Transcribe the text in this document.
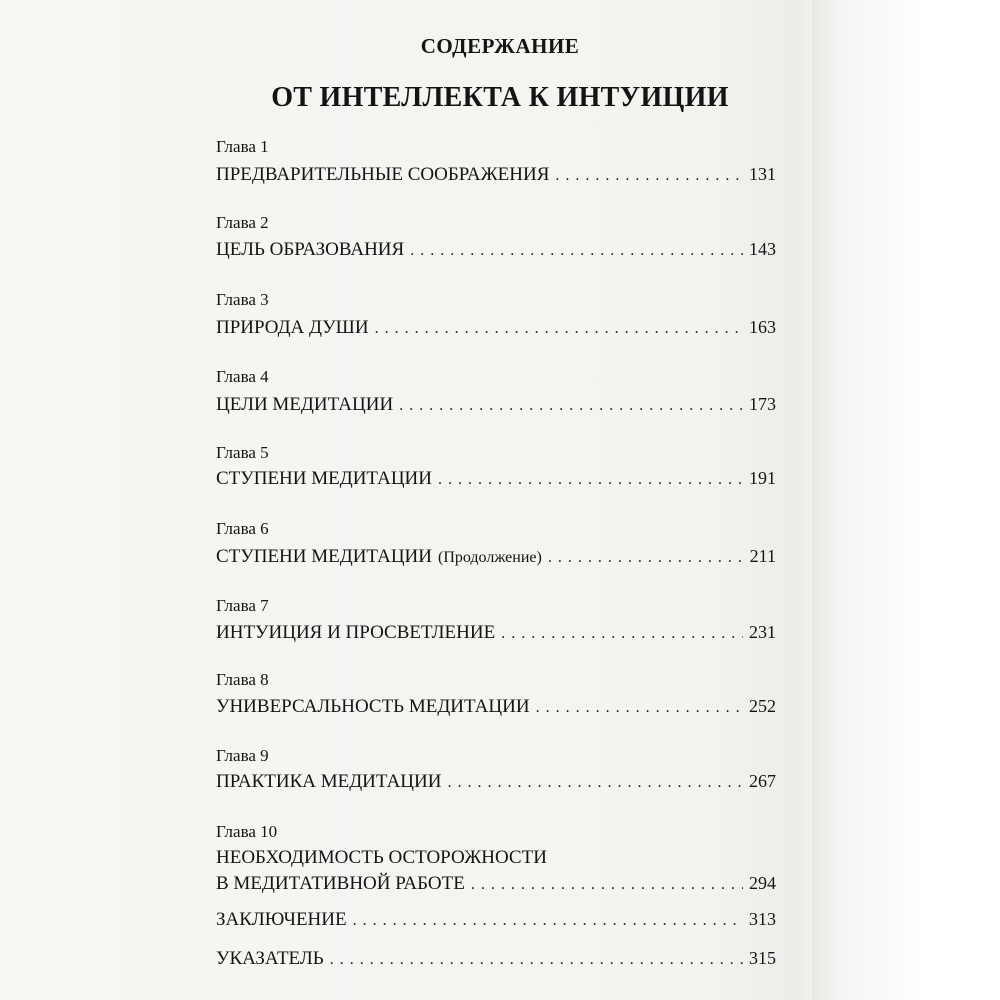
СОДЕРЖАНИЕ
ОТ ИНТЕЛЛЕКТА К ИНТУИЦИИ
Глава 1
ПРЕДВАРИТЕЛЬНЫЕ СООБРАЖЕНИЯ . . .	131
Глава 2
ЦЕЛЬ ОБРАЗОВАНИЯ . . .	143
Глава 3
ПРИРОДА ДУШИ . . .	163
Глава 4
ЦЕЛИ МЕДИТАЦИИ . . .	173
Глава 5
СТУПЕНИ МЕДИТАЦИИ . . .	191
Глава 6
СТУПЕНИ МЕДИТАЦИИ (Продолжение) . . .	211
Глава 7
ИНТУИЦИЯ И ПРОСВЕТЛЕНИЕ . . .	231
Глава 8
УНИВЕРСАЛЬНОСТЬ МЕДИТАЦИИ . . .	252
Глава 9
ПРАКТИКА МЕДИТАЦИИ . . .	267
Глава 10
НЕОБХОДИМОСТЬ ОСТОРОЖНОСТИ
В МЕДИТАТИВНОЙ РАБОТЕ . . .	294
ЗАКЛЮЧЕНИЕ . . .	313
УКАЗАТЕЛЬ . . .	315
